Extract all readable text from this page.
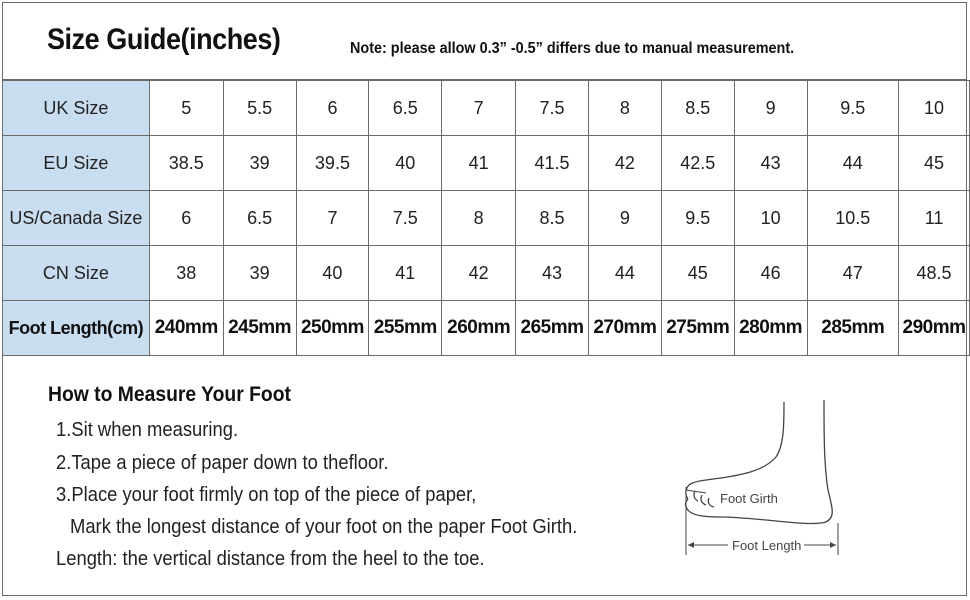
Size Guide(inches)	Note: please allow 0.3” -0.5” differs due to manual measurement.
UK Size	5	5.5	6	6.5	7	7.5	8	8.5	9	9.5	10
EU Size	38.5	39	39.5	40	41	41.5	42	42.5	43	44	45
US/Canada Size	6	6.5	7	7.5	8	8.5	9	9.5	10	10.5	11
CN Size	38	39	40	41	42	43	44	45	46	47	48.5
Foot Length(cm)	240mm	245mm	250mm	255mm	260mm	265mm	270mm	275mm	280mm	285mm	290mm
How to Measure Your Foot
1.Sit when measuring.
2.Tape a piece of paper down to thefloor.
3.Place your foot firmly on top of the piece of paper,
Mark the longest distance of your foot on the paper Foot Girth.
Length: the vertical distance from the heel to the toe.
Foot Girth
Foot Length
